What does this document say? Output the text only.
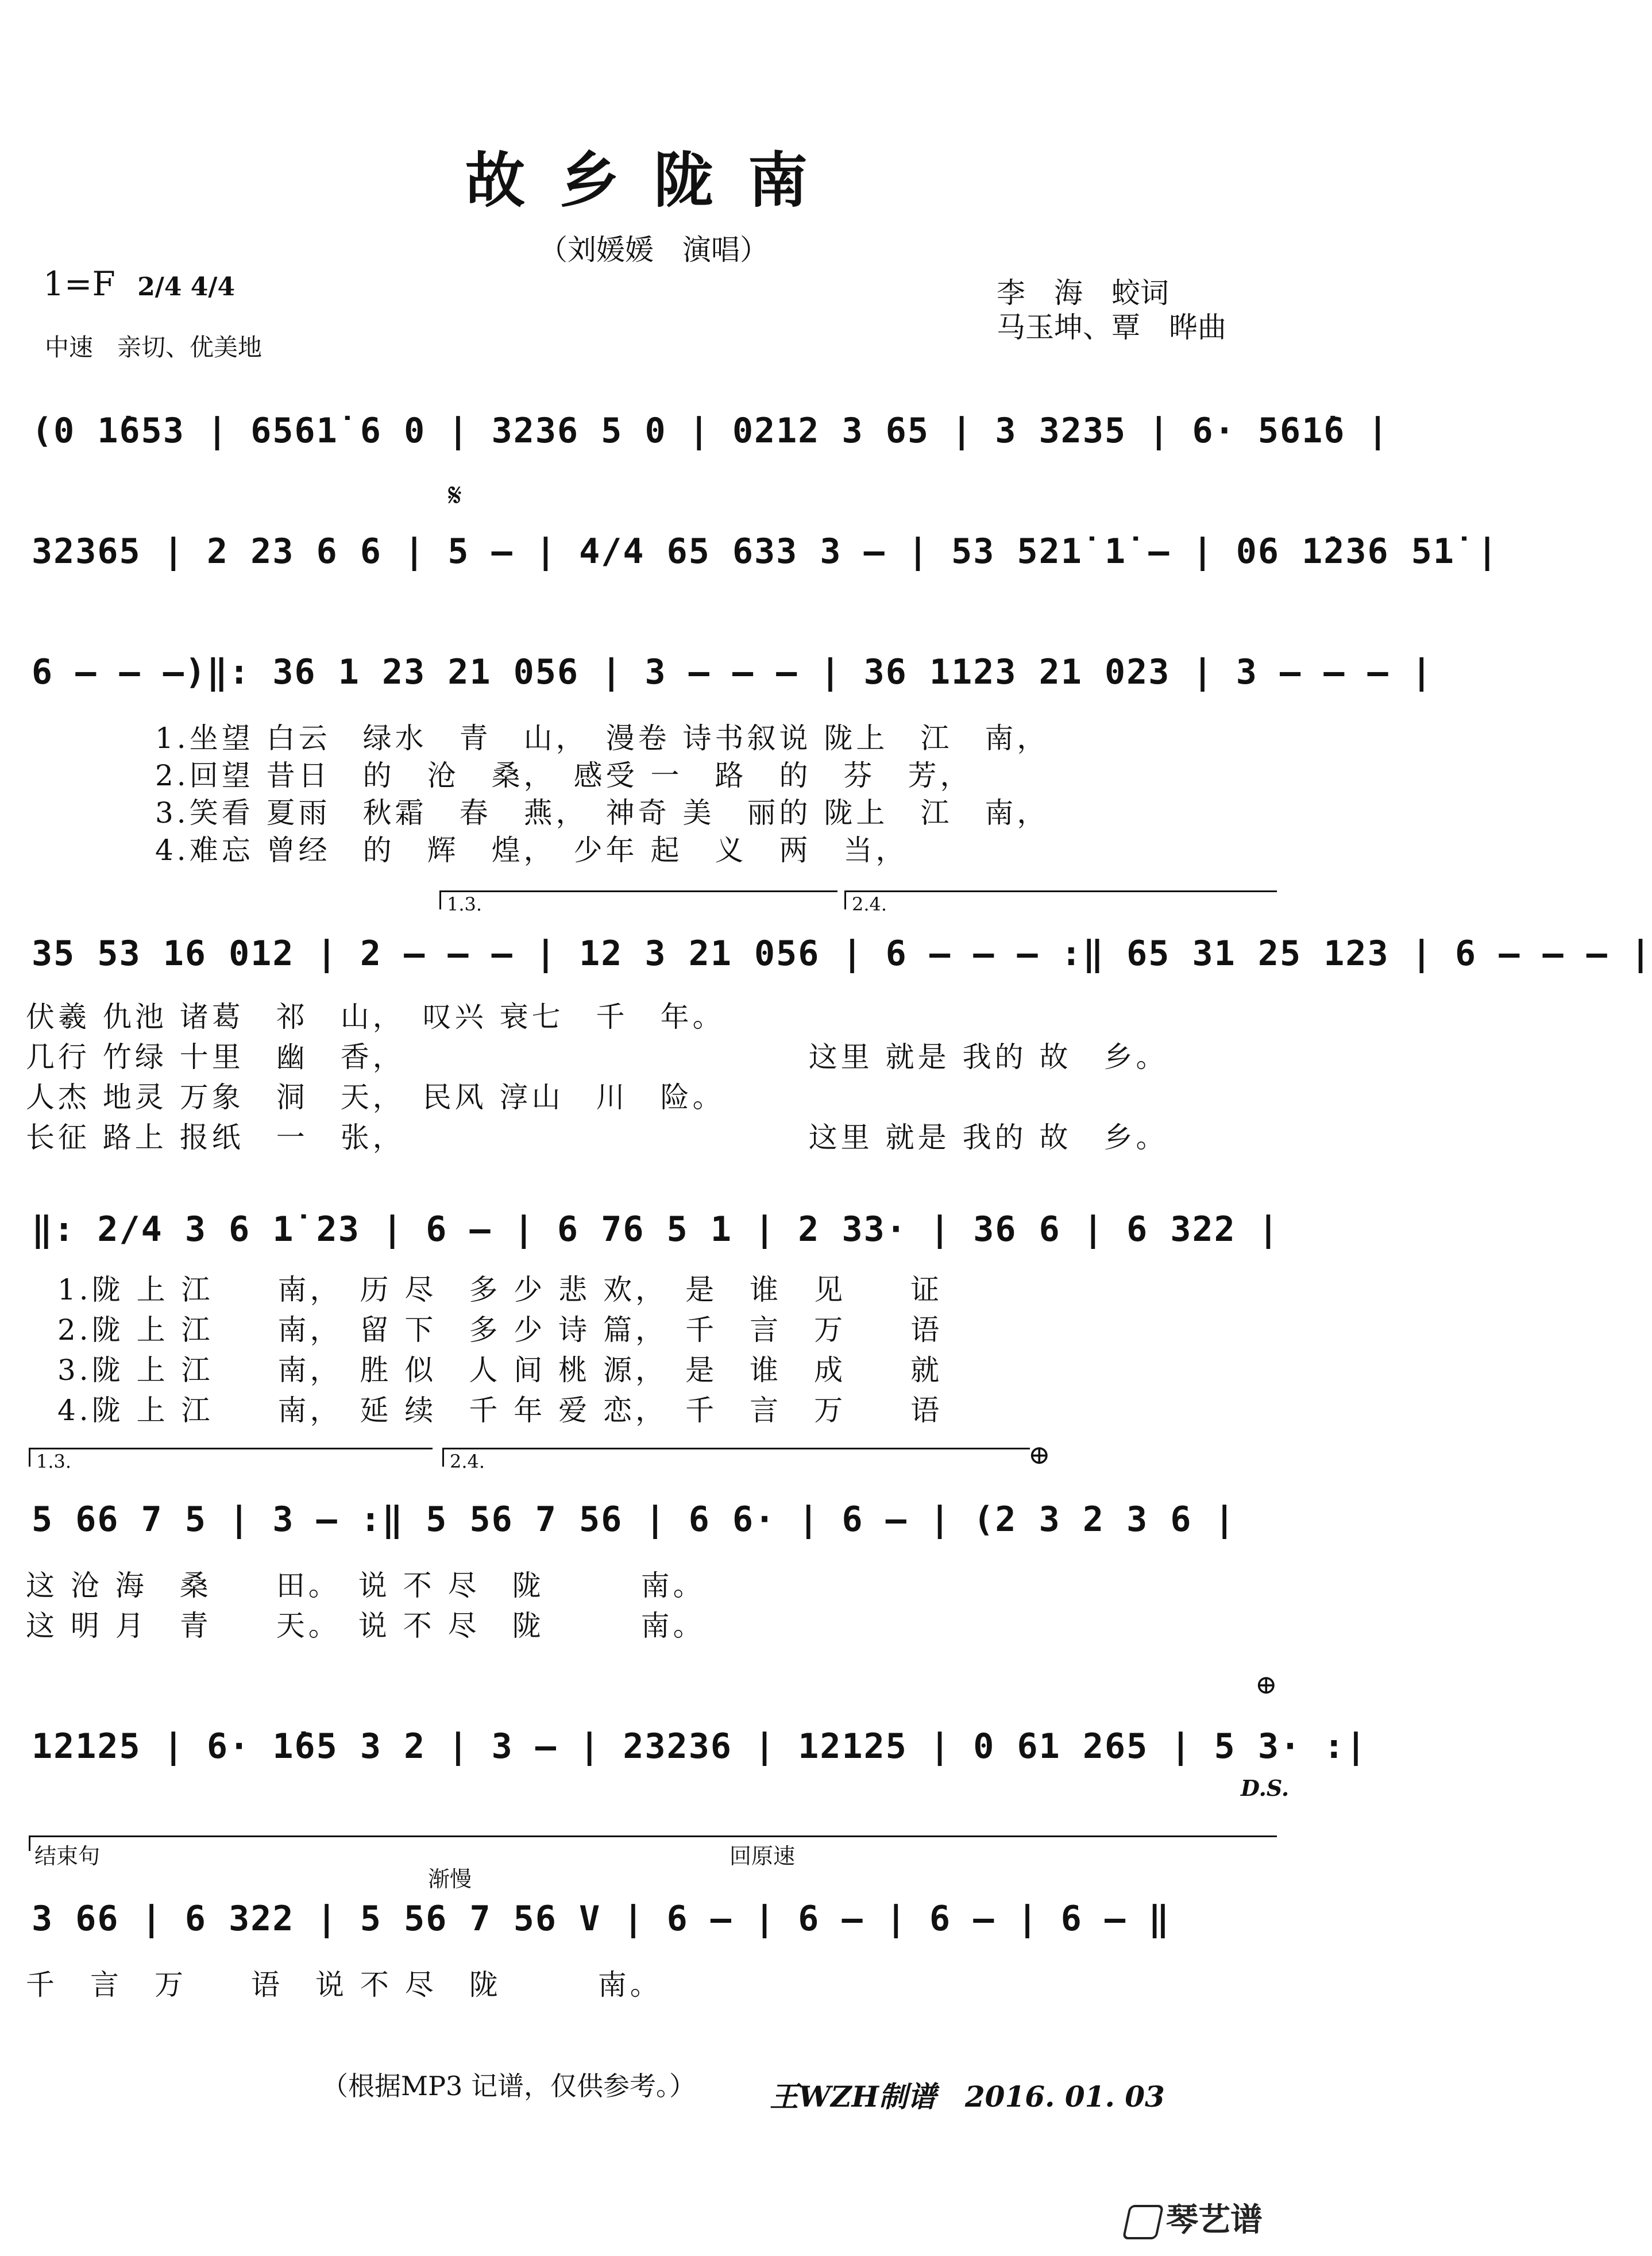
故乡陇南
（刘媛媛　演唱）
1=F 2/4 4/4
中速　亲切、优美地
李　海　蛟词
马玉坤、覃　晔曲
(0 1̇653 | 6561̇ 6 0 | 3236 5 0 | 0212 3 65 | 3 3235 | 6· 561̇6 |
𝄋
32365 | 2 23 6 6 | 5 — | 4/4 65 633 3 — | 53 521̇ 1̇ — | 06 1̇236 51̇ |
6 — — —)‖: 36 1 23 21 056 | 3 — — — | 36 1123 21 023 | 3 — — — |
1.坐望 白云　绿水　青　山，　漫卷 诗书叙说 陇上　江　南，
2.回望 昔日　的　沧　桑，　感受 一　路　的　芬　芳，
3.笑看 夏雨　秋霜　春　燕，　神奇 美　丽的 陇上　江　南，
4.难忘 曾经　的　辉　煌，　少年 起　义　两　当，
1.3.	2.4.
35 53 16 012 | 2 — — — | 12 3 21 056 | 6 — — — :‖ 65 31 25 123 | 6 — — — |
伏羲 仇池 诸葛　祁　山，　叹兴 衰七　千　年。
几行 竹绿 十里　幽　香，　　　　　　　　　　　　　这里 就是 我的 故　乡。
人杰 地灵 万象　洞　天，　民风 淳山　川　险。
长征 路上 报纸　一　张，　　　　　　　　　　　　　这里 就是 我的 故　乡。
‖: 2/4 3 6 1̇ 23 | 6 — | 6 76 5 1 | 2 33· | 36 6 | 6 322 |
1.陇 上 江　　南，　历 尽　多 少 悲 欢，　是　谁　见　　证
2.陇 上 江　　南，　留 下　多 少 诗 篇，　千　言　万　　语
3.陇 上 江　　南，　胜 似　人 间 桃 源，　是　谁　成　　就
4.陇 上 江　　南，　延 续　千 年 爱 恋，　千　言　万　　语
1.3.	2.4.	⊕
5 66 7 5 | 3 — :‖ 5 56 7 56 | 6 6· | 6 — | (2 3 2 3 6 |
这 沧 海　桑　　田。　说 不 尽　陇　　　南。
这 明 月　青　　天。　说 不 尽　陇　　　南。
⊕
12125 | 6· 1̇65 3 2 | 3 — | 23236 | 12125 | 0 61 265 | 5 3· :|
D.S.
结束句
渐慢
回原速
3 66 | 6 322 | 5 56 7 56 V | 6 — | 6 — | 6 — | 6 — ‖
千　言　万　　语　说 不 尽　陇　　　南。
（根据MP3 记谱，仅供参考。）	王WZH制谱　2016. 01. 03
琴艺谱
